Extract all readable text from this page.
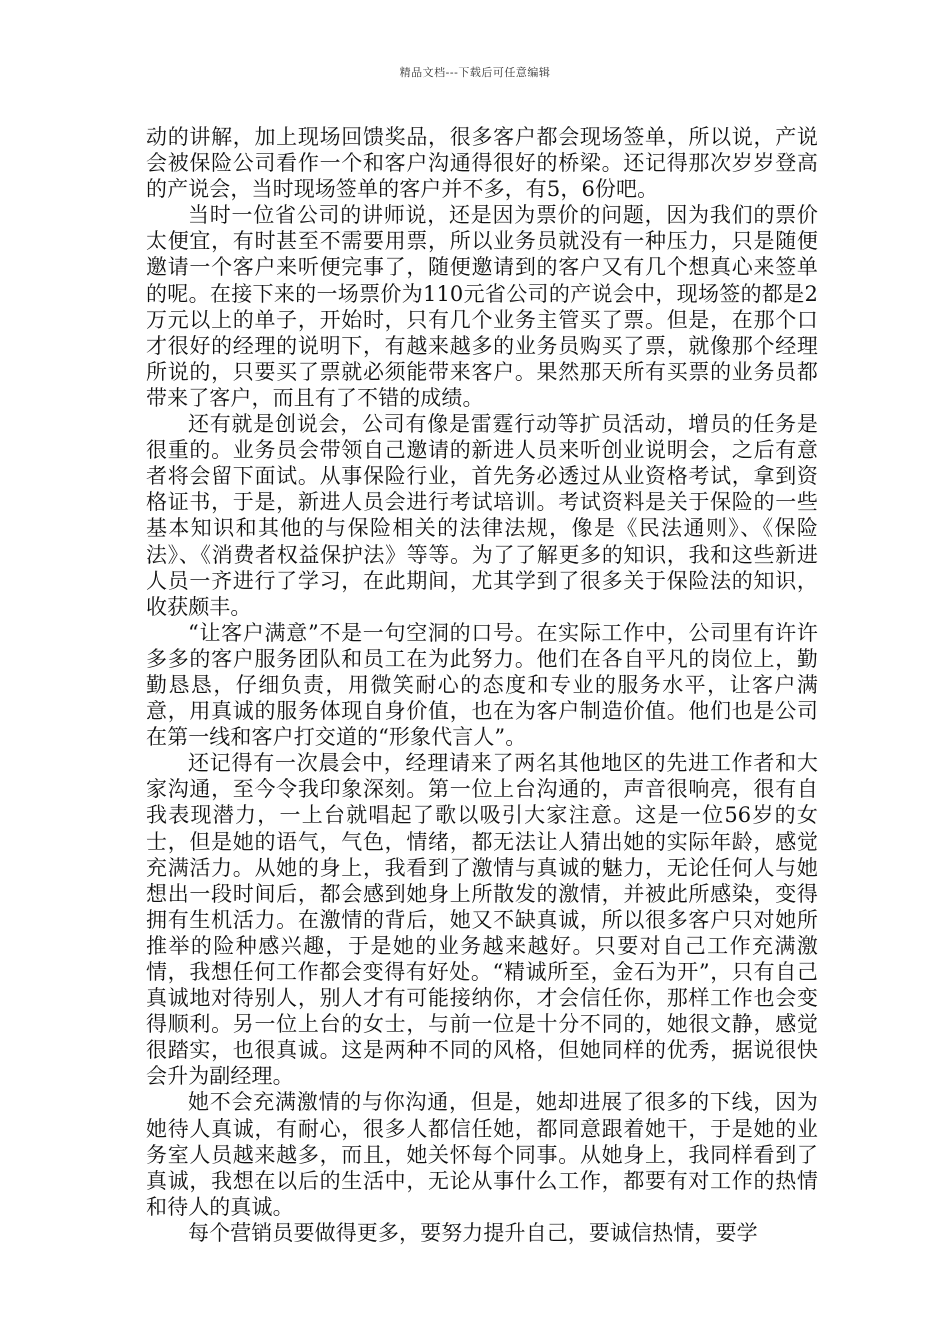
精品文档---下载后可任意编辑

动的讲解，加上现场回馈奖品，很多客户都会现场签单，所以说，产说会被保险公司看作一个和客户沟通得很好的桥梁。还记得那次岁岁登高的产说会，当时现场签单的客户并不多，有5，6份吧。

当时一位省公司的讲师说，还是因为票价的问题，因为我们的票价太便宜，有时甚至不需要用票，所以业务员就没有一种压力，只是随便邀请一个客户来听便完事了，随便邀请到的客户又有几个想真心来签单的呢。在接下来的一场票价为110元省公司的产说会中，现场签的都是2万元以上的单子，开始时，只有几个业务主管买了票。但是，在那个口才很好的经理的说明下，有越来越多的业务员购买了票，就像那个经理所说的，只要买了票就必须能带来客户。果然那天所有买票的业务员都带来了客户，而且有了不错的成绩。

还有就是创说会，公司有像是雷霆行动等扩员活动，增员的任务是很重的。业务员会带领自己邀请的新进人员来听创业说明会，之后有意者将会留下面试。从事保险行业，首先务必透过从业资格考试，拿到资格证书，于是，新进人员会进行考试培训。考试资料是关于保险的一些基本知识和其他的与保险相关的法律法规，像是《民法通则》、《保险法》、《消费者权益保护法》等等。为了了解更多的知识，我和这些新进人员一齐进行了学习，在此期间，尤其学到了很多关于保险法的知识，收获颇丰。

“让客户满意”不是一句空洞的口号。在实际工作中，公司里有许许多多的客户服务团队和员工在为此努力。他们在各自平凡的岗位上，勤勤恳恳，仔细负责，用微笑耐心的态度和专业的服务水平，让客户满意，用真诚的服务体现自身价值，也在为客户制造价值。他们也是公司在第一线和客户打交道的“形象代言人”。

还记得有一次晨会中，经理请来了两名其他地区的先进工作者和大家沟通，至今令我印象深刻。第一位上台沟通的，声音很响亮，很有自我表现潜力，一上台就唱起了歌以吸引大家注意。这是一位56岁的女士，但是她的语气，气色，情绪，都无法让人猜出她的实际年龄，感觉充满活力。从她的身上，我看到了激情与真诚的魅力，无论任何人与她想出一段时间后，都会感到她身上所散发的激情，并被此所感染，变得拥有生机活力。在激情的背后，她又不缺真诚，所以很多客户只对她所推举的险种感兴趣，于是她的业务越来越好。只要对自己工作充满激情，我想任何工作都会变得有好处。“精诚所至，金石为开”，只有自己真诚地对待别人，别人才有可能接纳你，才会信任你，那样工作也会变得顺利。另一位上台的女士，与前一位是十分不同的，她很文静，感觉很踏实，也很真诚。这是两种不同的风格，但她同样的优秀，据说很快会升为副经理。

她不会充满激情的与你沟通，但是，她却进展了很多的下线，因为她待人真诚，有耐心，很多人都信任她，都同意跟着她干，于是她的业务室人员越来越多，而且，她关怀每个同事。从她身上，我同样看到了真诚，我想在以后的生活中，无论从事什么工作，都要有对工作的热情和待人的真诚。

每个营销员要做得更多，要努力提升自己，要诚信热情，要学
